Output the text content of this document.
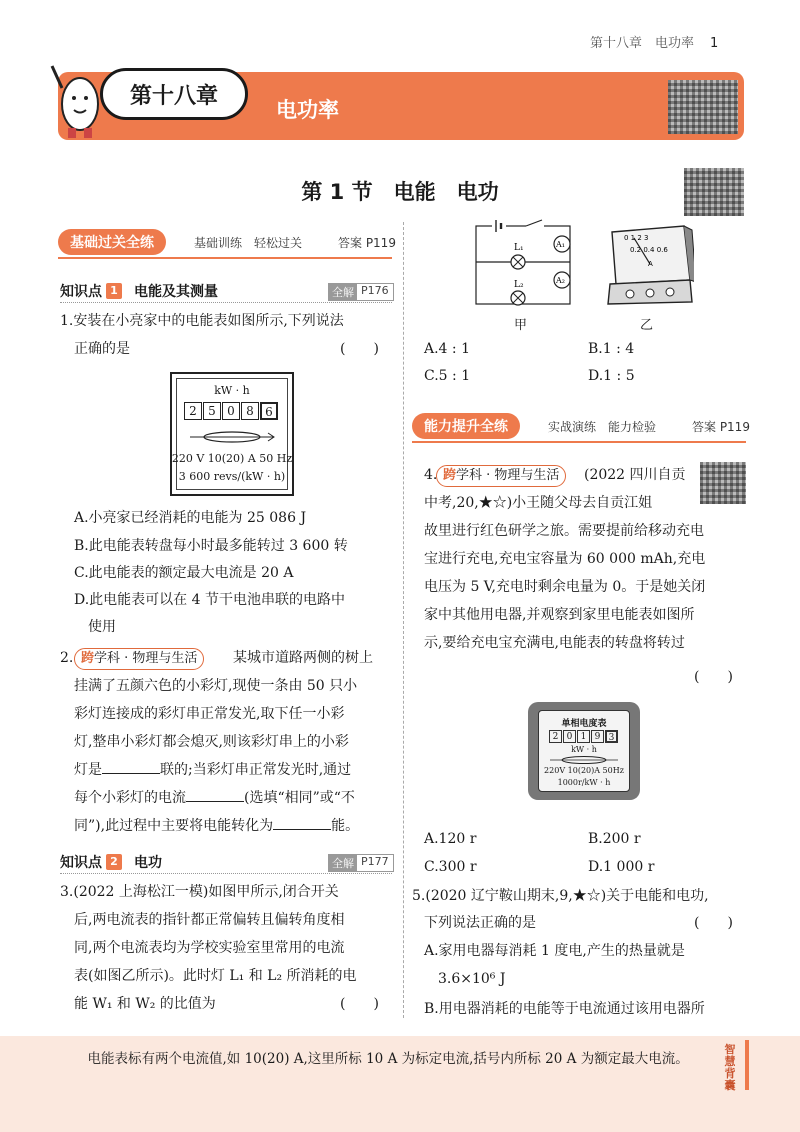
第十八章　电功率 1
第十八章
电功率
第 1 节　电能　电功
基础过关全练	基础训练　轻松过关	答案 P119
知识点 1 电能及其测量	全解 P176
1.安装在小亮家中的电能表如图所示,下列说法
正确的是	(　　)
kW · h
2 5 0 8 6
220 V 10(20) A 50 Hz
3 600 revs/(kW · h)
A.小亮家已经消耗的电能为 25 086 J
B.此电能表转盘每小时最多能转过 3 600 转
C.此电能表的额定最大电流是 20 A
D.此电能表可以在 4 节干电池串联的电路中
使用
2. 跨学科 · 物理与生活	某城市道路两侧的树上
挂满了五颜六色的小彩灯,现使一条由 50 只小
彩灯连接成的彩灯串正常发光,取下任一小彩
灯,整串小彩灯都会熄灭,则该彩灯串上的小彩
灯是	联的;当彩灯串正常发光时,通过
每个小彩灯的电流	(选填“相同”或“不
同”),此过程中主要将电能转化为	能。
知识点 2 电功	全解 P177
3.(2022 上海松江一模)如图甲所示,闭合开关
后,两电流表的指针都正常偏转且偏转角度相
同,两个电流表均为学校实验室里常用的电流
表(如图乙所示)。此时灯 L₁ 和 L₂ 所消耗的电
能 W₁ 和 W₂ 的比值为	(　　)
L₁
L₂
A₁
A₂
甲
0 1 2 3
0.2 0.4 0.6
A
乙
A.4 : 1	B.1 : 4
C.5 : 1	D.1 : 5
能力提升全练	实战演练　能力检验	答案 P119
4. 跨学科 · 物理与生活	(2022 四川自贡
中考,20,★☆)小王随父母去自贡江姐
故里进行红色研学之旅。需要提前给移动充电
宝进行充电,充电宝容量为 60 000 mAh,充电
电压为 5 V,充电时剩余电量为 0。于是她关闭
家中其他用电器,并观察到家里电能表如图所
示,要给充电宝充满电,电能表的转盘将转过
(　　)
单相电度表
2 0 1 9 3
kW · h
220V 10(20)A 50Hz
1000r/kW · h
A.120 r	B.200 r
C.300 r	D.1 000 r
5.(2020 辽宁鞍山期末,9,★☆)关于电能和电功,
下列说法正确的是	(　　)
A.家用电器每消耗 1 度电,产生的热量就是
3.6×10⁶ J
B.用电器消耗的电能等于电流通过该用电器所
电能表标有两个电流值,如 10(20) A,这里所标 10 A 为标定电流,括号内所标 20 A 为额定最大电流。
智慧背囊
